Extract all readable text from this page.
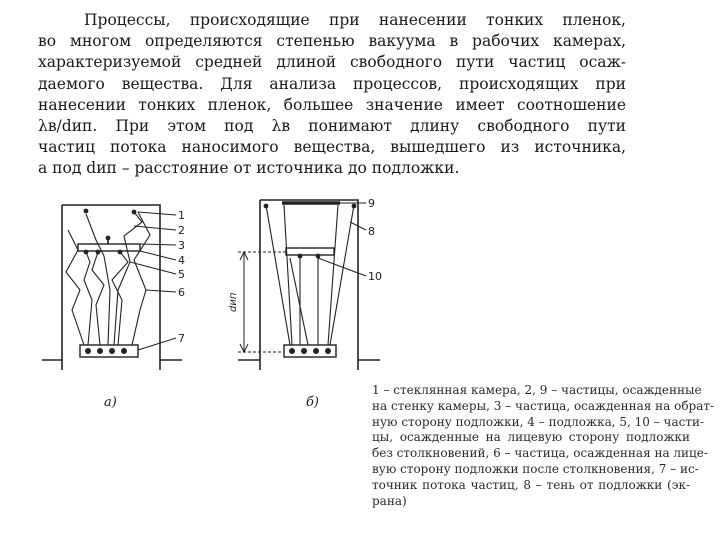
Процессы, происходящие при нанесении тонких пленок,
во многом определяются степенью вакуума в рабочих камерах,
характеризуемой средней длиной свободного пути частиц осаж-
даемого вещества. Для анализа процессов, происходящих при
нанесении тонких пленок, большее значение имеет соотношение
λв/dип. При этом под λв понимают длину свободного пути
частиц потока наносимого вещества, вышедшего из источника,
а под dип – расстояние от источника до подложки.
1
2
3
4
5
6
7
9
8
10
dип
а)	б)
1 – стеклянная камера, 2, 9 – частицы, осажденные
на стенку камеры, 3 – частица, осажденная на обрат-
ную сторону подложки, 4 – подложка, 5, 10 – части-
цы, осажденные на лицевую сторону подложки
без столкновений, 6 – частица, осажденная на лице-
вую сторону подложки после столкновения, 7 – ис-
точник потока частиц, 8 – тень от подложки (эк-
рана)
